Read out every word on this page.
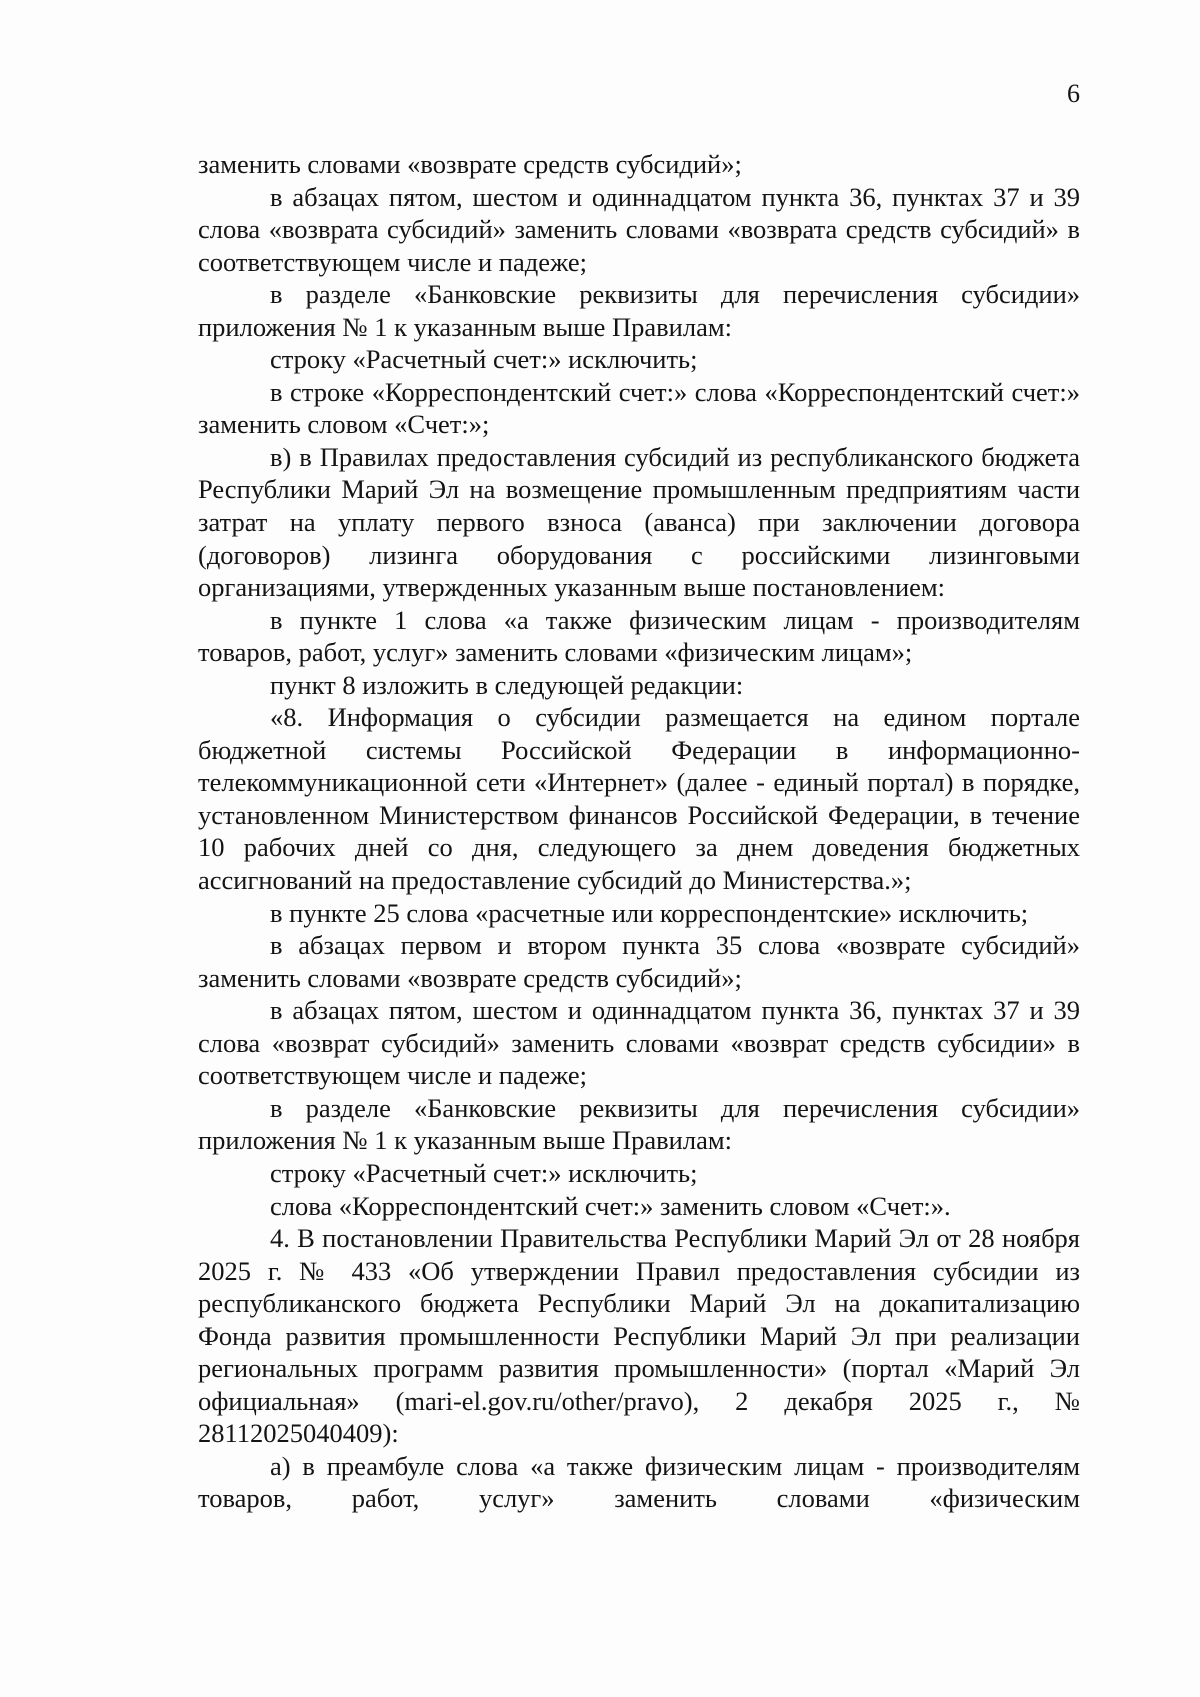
6

заменить словами «возврате средств субсидий»;

в абзацах пятом, шестом и одиннадцатом пункта 36, пунктах 37 и 39 слова «возврата субсидий» заменить словами «возврата средств субсидий» в соответствующем числе и падеже;

в разделе «Банковские реквизиты для перечисления субсидии» приложения № 1 к указанным выше Правилам:

строку «Расчетный счет:» исключить;

в строке «Корреспондентский счет:» слова «Корреспондентский счет:» заменить словом «Счет:»;

в) в Правилах предоставления субсидий из республиканского бюджета Республики Марий Эл на возмещение промышленным предприятиям части затрат на уплату первого взноса (аванса) при заключении договора (договоров) лизинга оборудования с российскими лизинговыми организациями, утвержденных указанным выше постановлением:

в пункте 1 слова «а также физическим лицам - производителям товаров, работ, услуг» заменить словами «физическим лицам»;

пункт 8 изложить в следующей редакции:

«8. Информация о субсидии размещается на едином портале бюджетной системы Российской Федерации в информационно-телекоммуникационной сети «Интернет» (далее - единый портал) в порядке, установленном Министерством финансов Российской Федерации, в течение 10 рабочих дней со дня, следующего за днем доведения бюджетных ассигнований на предоставление субсидий до Министерства.»;

в пункте 25 слова «расчетные или корреспондентские» исключить;

в абзацах первом и втором пункта 35 слова «возврате субсидий» заменить словами «возврате средств субсидий»;

в абзацах пятом, шестом и одиннадцатом пункта 36, пунктах 37 и 39 слова «возврат субсидий» заменить словами «возврат средств субсидии» в соответствующем числе и падеже;

в разделе «Банковские реквизиты для перечисления субсидии» приложения № 1 к указанным выше Правилам:

строку «Расчетный счет:» исключить;

слова «Корреспондентский счет:» заменить словом «Счет:».

4. В постановлении Правительства Республики Марий Эл от 28 ноября 2025 г. № 433 «Об утверждении Правил предоставления субсидии из республиканского бюджета Республики Марий Эл на докапитализацию Фонда развития промышленности Республики Марий Эл при реализации региональных программ развития промышленности» (портал «Марий Эл официальная» (mari-el.gov.ru/other/pravo), 2 декабря 2025 г., № 28112025040409):

а) в преамбуле слова «а также физическим лицам - производителям товаров, работ, услуг» заменить словами «физическим
